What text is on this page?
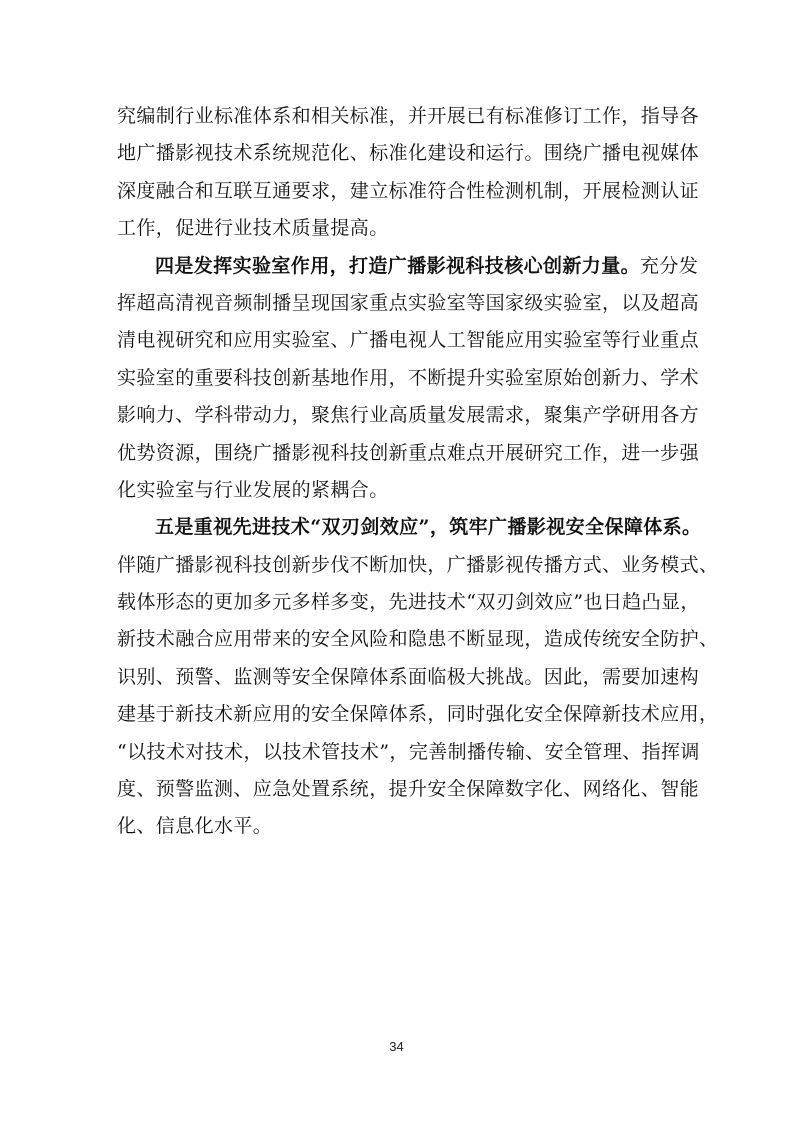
究编制行业标准体系和相关标准，并开展已有标准修订工作，指导各
地广播影视技术系统规范化、标准化建设和运行。围绕广播电视媒体
深度融合和互联互通要求，建立标准符合性检测机制，开展检测认证
工作，促进行业技术质量提高。
四是发挥实验室作用，打造广播影视科技核心创新力量。充分发
挥超高清视音频制播呈现国家重点实验室等国家级实验室，以及超高
清电视研究和应用实验室、广播电视人工智能应用实验室等行业重点
实验室的重要科技创新基地作用，不断提升实验室原始创新力、学术
影响力、学科带动力，聚焦行业高质量发展需求，聚集产学研用各方
优势资源，围绕广播影视科技创新重点难点开展研究工作，进一步强
化实验室与行业发展的紧耦合。
五是重视先进技术“双刃剑效应”，筑牢广播影视安全保障体系。
伴随广播影视科技创新步伐不断加快，广播影视传播方式、业务模式、
载体形态的更加多元多样多变，先进技术“双刃剑效应”也日趋凸显，
新技术融合应用带来的安全风险和隐患不断显现，造成传统安全防护、
识别、预警、监测等安全保障体系面临极大挑战。因此，需要加速构
建基于新技术新应用的安全保障体系，同时强化安全保障新技术应用，
“以技术对技术，以技术管技术”，完善制播传输、安全管理、指挥调
度、预警监测、应急处置系统，提升安全保障数字化、网络化、智能
化、信息化水平。
34
